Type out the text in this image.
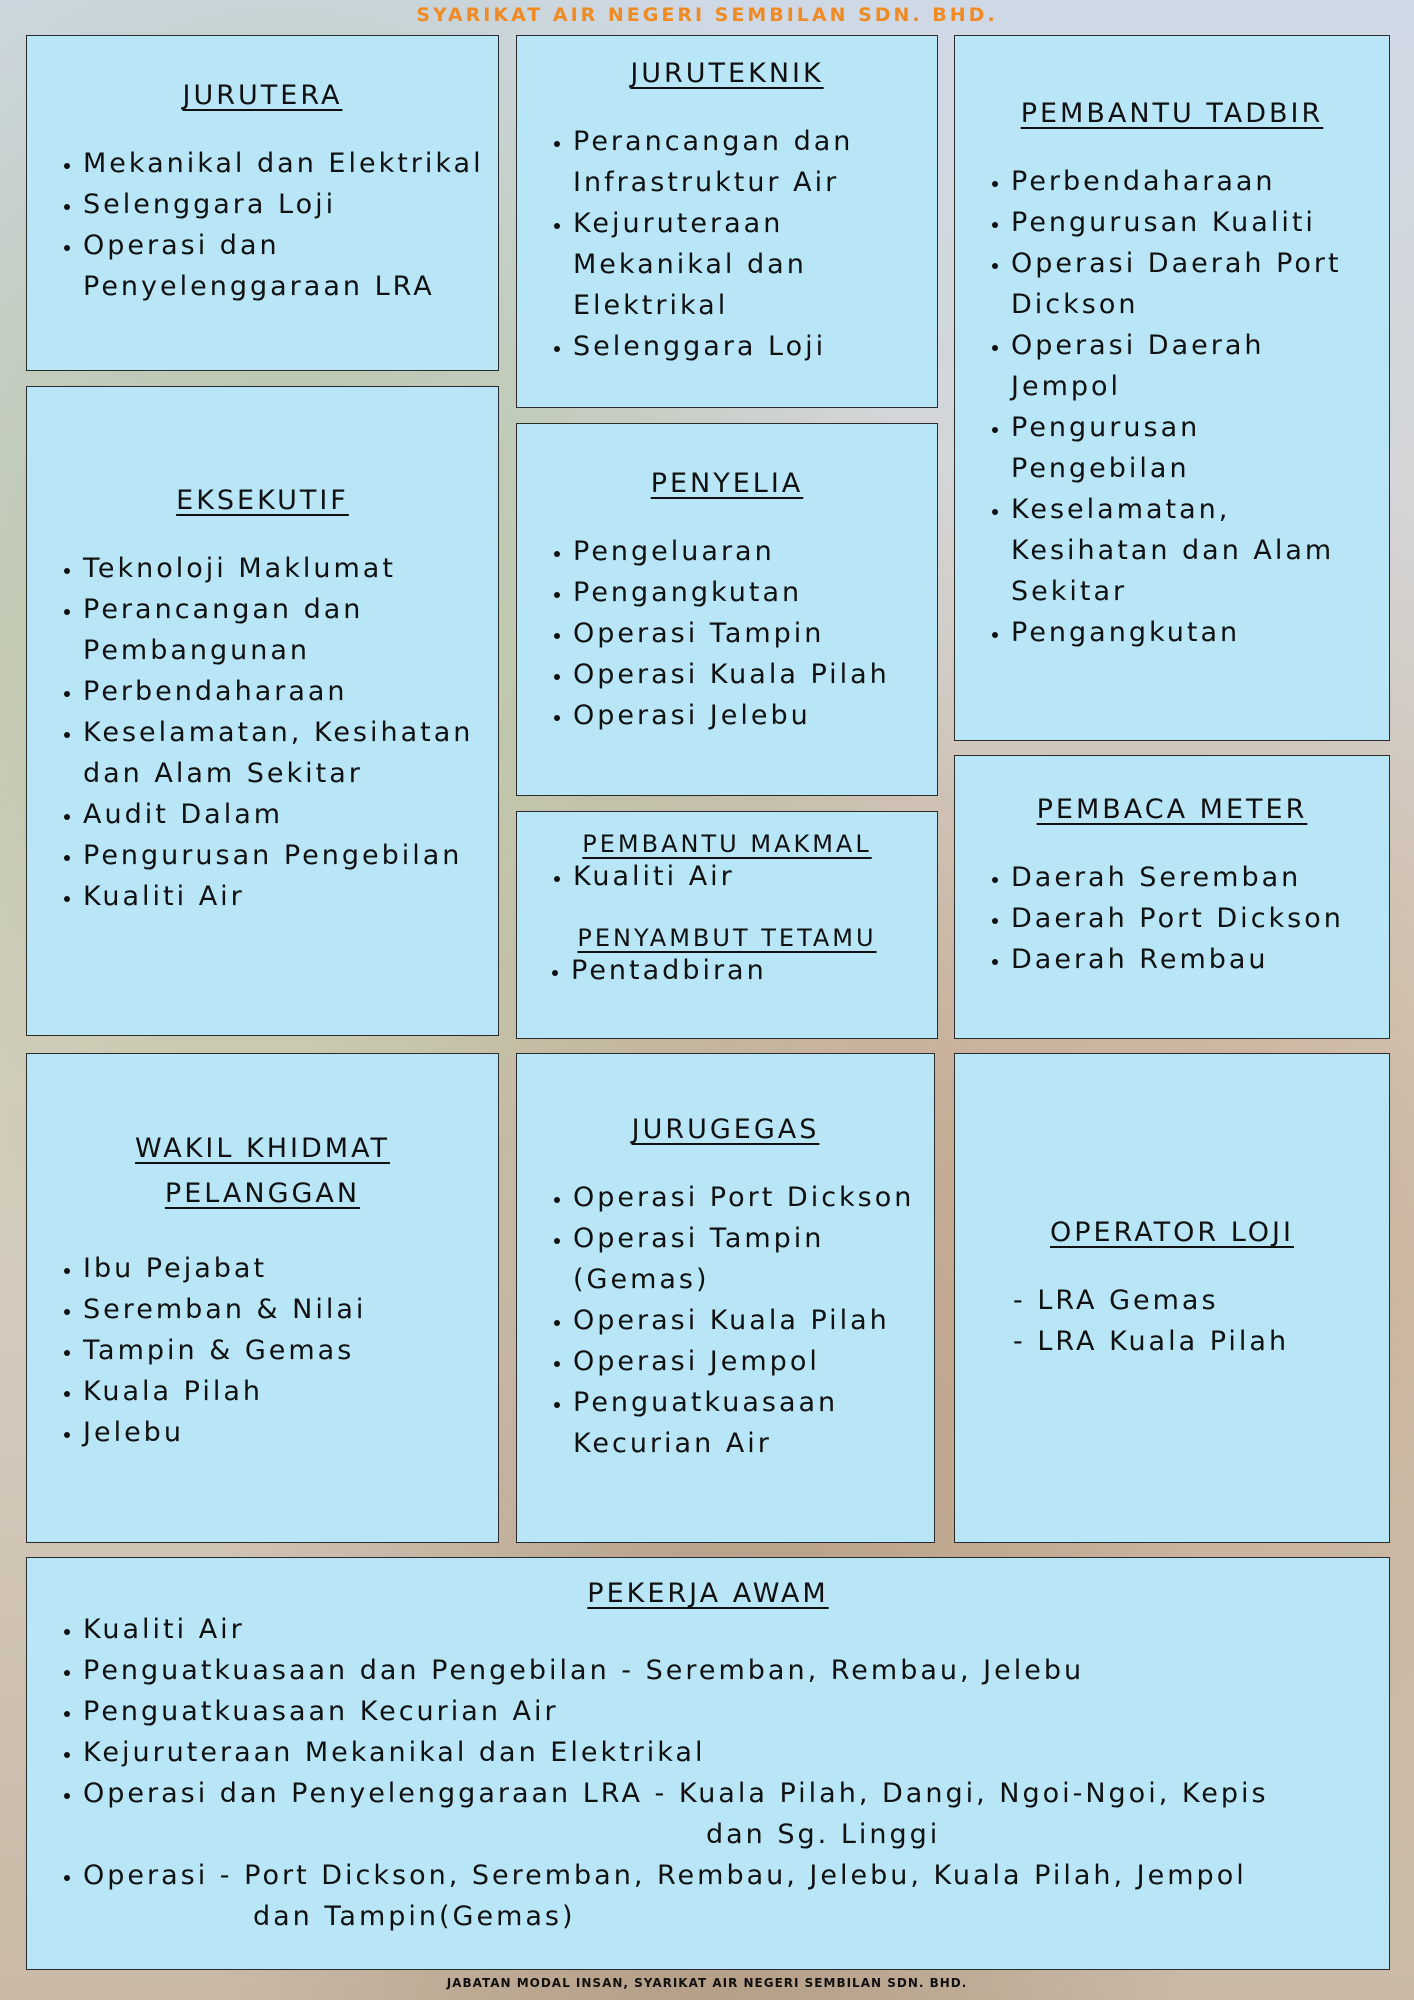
SYARIKAT AIR NEGERI SEMBILAN SDN. BHD.
JURUTERA
• Mekanikal dan Elektrikal
• Selenggara Loji
• Operasi dan Penyelenggaraan LRA
JURUTEKNIK
• Perancangan dan Infrastruktur Air
• Kejuruteraan Mekanikal dan Elektrikal
• Selenggara Loji
PEMBANTU TADBIR
• Perbendaharaan
• Pengurusan Kualiti
• Operasi Daerah Port Dickson
• Operasi Daerah Jempol
• Pengurusan Pengebilan
• Keselamatan, Kesihatan dan Alam Sekitar
• Pengangkutan
EKSEKUTIF
• Teknoloji Maklumat
• Perancangan dan Pembangunan
• Perbendaharaan
• Keselamatan, Kesihatan dan Alam Sekitar
• Audit Dalam
• Pengurusan Pengebilan
• Kualiti Air
PENYELIA
• Pengeluaran
• Pengangkutan
• Operasi Tampin
• Operasi Kuala Pilah
• Operasi Jelebu
PEMBANTU MAKMAL
• Kualiti Air
PENYAMBUT TETAMU
• Pentadbiran
PEMBACA METER
• Daerah Seremban
• Daerah Port Dickson
• Daerah Rembau
WAKIL KHIDMAT PELANGGAN
• Ibu Pejabat
• Seremban & Nilai
• Tampin & Gemas
• Kuala Pilah
• Jelebu
JURUGEGAS
• Operasi Port Dickson
• Operasi Tampin (Gemas)
• Operasi Kuala Pilah
• Operasi Jempol
• Penguatkuasaan Kecurian Air
OPERATOR LOJI
- LRA Gemas
- LRA Kuala Pilah
PEKERJA AWAM
• Kualiti Air
• Penguatkuasaan dan Pengebilan - Seremban, Rembau, Jelebu
• Penguatkuasaan Kecurian Air
• Kejuruteraan Mekanikal dan Elektrikal
• Operasi dan Penyelenggaraan LRA - Kuala Pilah, Dangi, Ngoi-Ngoi, Kepis
dan Sg. Linggi
• Operasi - Port Dickson, Seremban, Rembau, Jelebu, Kuala Pilah, Jempol
dan Tampin(Gemas)
JABATAN MODAL INSAN, SYARIKAT AIR NEGERI SEMBILAN SDN. BHD.
